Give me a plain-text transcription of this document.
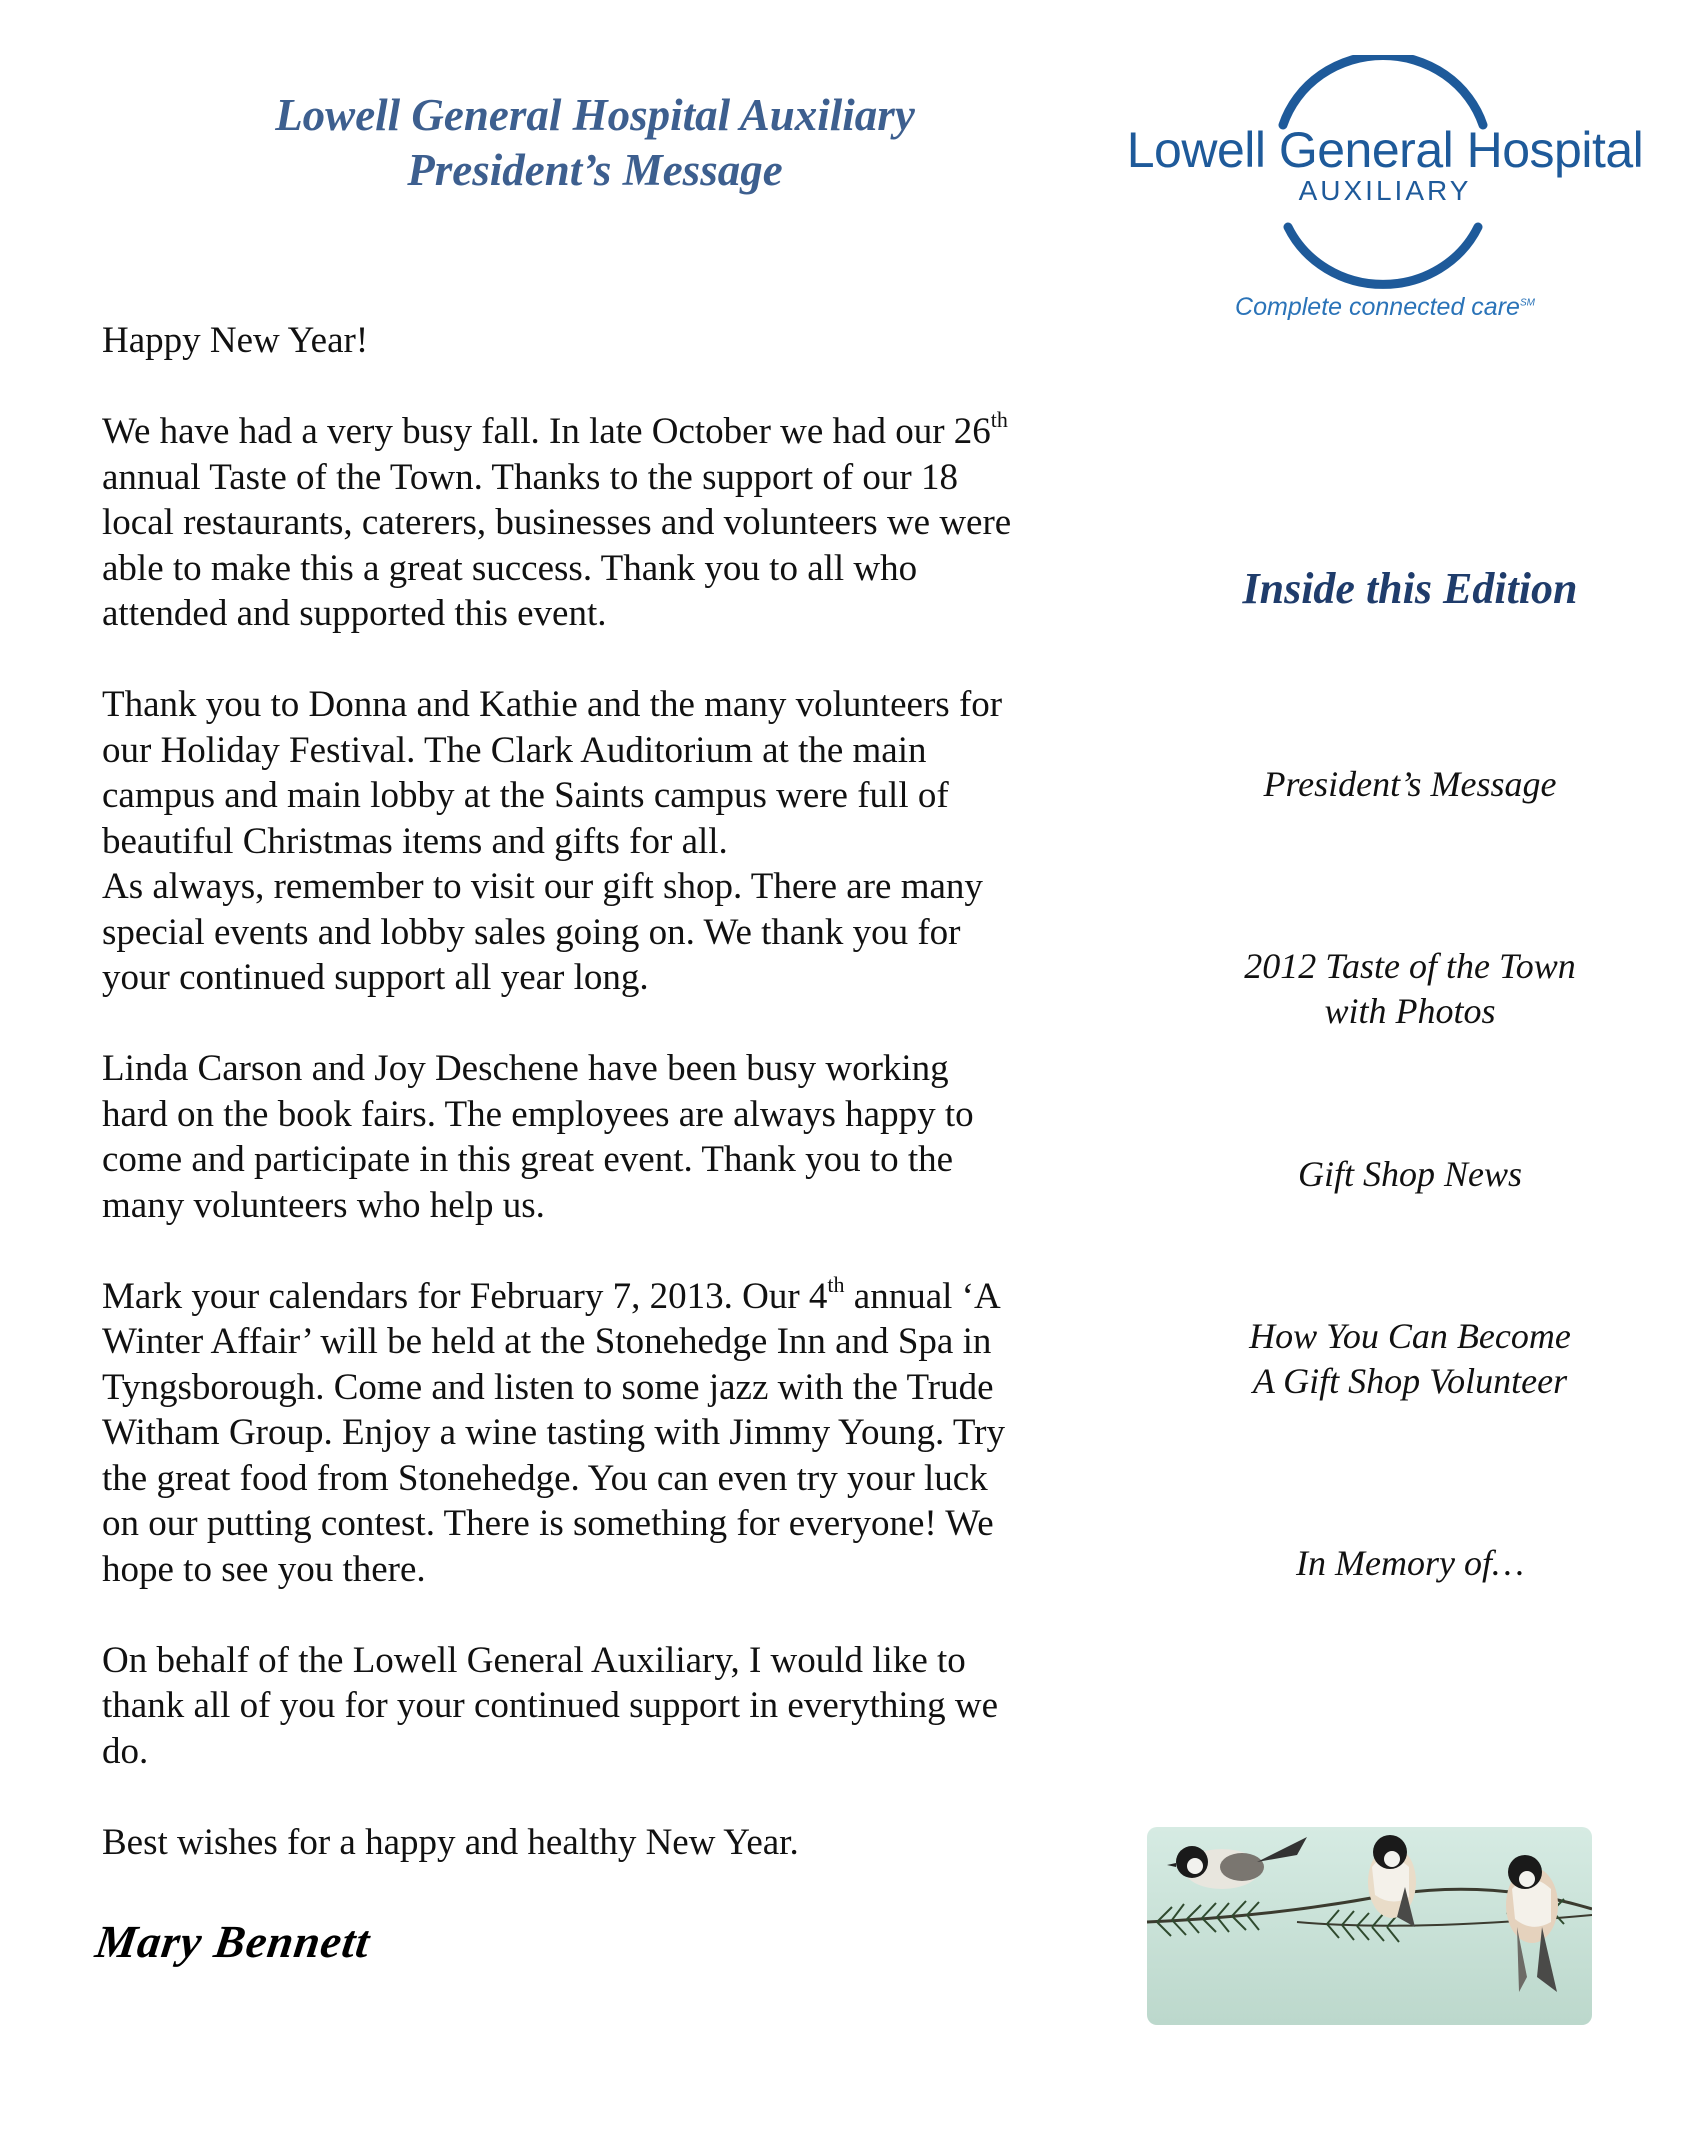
Lowell General Hospital Auxiliary
President’s Message	Lowell General Hospital
AUXILIARY
Complete connected care℠

Happy New Year!

We have had a very busy fall. In late October we had our 26th
annual Taste of the Town. Thanks to the support of our 18
local restaurants, caterers, businesses and volunteers we were
able to make this a great success. Thank you to all who
attended and supported this event.

Thank you to Donna and Kathie and the many volunteers for
our Holiday Festival. The Clark Auditorium at the main
campus and main lobby at the Saints campus were full of
beautiful Christmas items and gifts for all.
As always, remember to visit our gift shop. There are many
special events and lobby sales going on. We thank you for
your continued support all year long.

Linda Carson and Joy Deschene have been busy working
hard on the book fairs. The employees are always happy to
come and participate in this great event. Thank you to the
many volunteers who help us.

Mark your calendars for February 7, 2013. Our 4th annual ‘A
Winter Affair’ will be held at the Stonehedge Inn and Spa in
Tyngsborough. Come and listen to some jazz with the Trude
Witham Group. Enjoy a wine tasting with Jimmy Young. Try
the great food from Stonehedge. You can even try your luck
on our putting contest. There is something for everyone! We
hope to see you there.

On behalf of the Lowell General Auxiliary, I would like to
thank all of you for your continued support in everything we
do.

Best wishes for a happy and healthy New Year.

Mary Bennett
Inside this Edition
President’s Message
2012 Taste of the Town
with Photos
Gift Shop News
How You Can Become
A Gift Shop Volunteer
In Memory of…
